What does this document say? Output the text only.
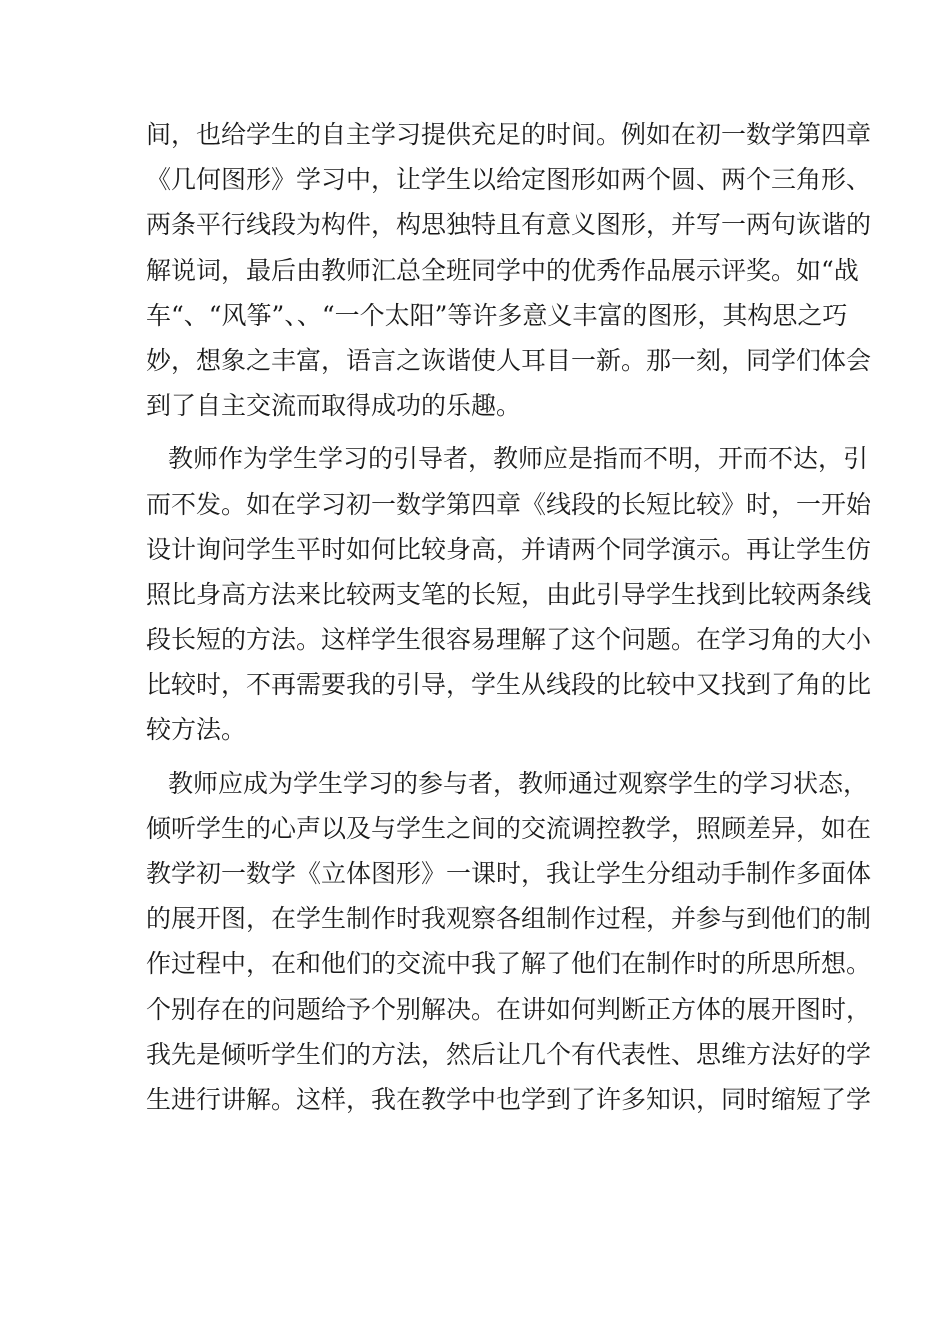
间，也给学生的自主学习提供充足的时间。例如在初一数学第四章
《几何图形》学习中，让学生以给定图形如两个圆、两个三角形、
两条平行线段为构件，构思独特且有意义图形，并写一两句诙谐的
解说词，最后由教师汇总全班同学中的优秀作品展示评奖。如“战
车“、“风筝”、、“一个太阳”等许多意义丰富的图形，其构思之巧
妙，想象之丰富，语言之诙谐使人耳目一新。那一刻，同学们体会
到了自主交流而取得成功的乐趣。
教师作为学生学习的引导者，教师应是指而不明，开而不达，引
而不发。如在学习初一数学第四章《线段的长短比较》时，一开始
设计询问学生平时如何比较身高，并请两个同学演示。再让学生仿
照比身高方法来比较两支笔的长短，由此引导学生找到比较两条线
段长短的方法。这样学生很容易理解了这个问题。在学习角的大小
比较时，不再需要我的引导，学生从线段的比较中又找到了角的比
较方法。
教师应成为学生学习的参与者，教师通过观察学生的学习状态，
倾听学生的心声以及与学生之间的交流调控教学，照顾差异，如在
教学初一数学《立体图形》一课时，我让学生分组动手制作多面体
的展开图，在学生制作时我观察各组制作过程，并参与到他们的制
作过程中，在和他们的交流中我了解了他们在制作时的所思所想。
个别存在的问题给予个别解决。在讲如何判断正方体的展开图时，
我先是倾听学生们的方法，然后让几个有代表性、思维方法好的学
生进行讲解。这样，我在教学中也学到了许多知识，同时缩短了学
